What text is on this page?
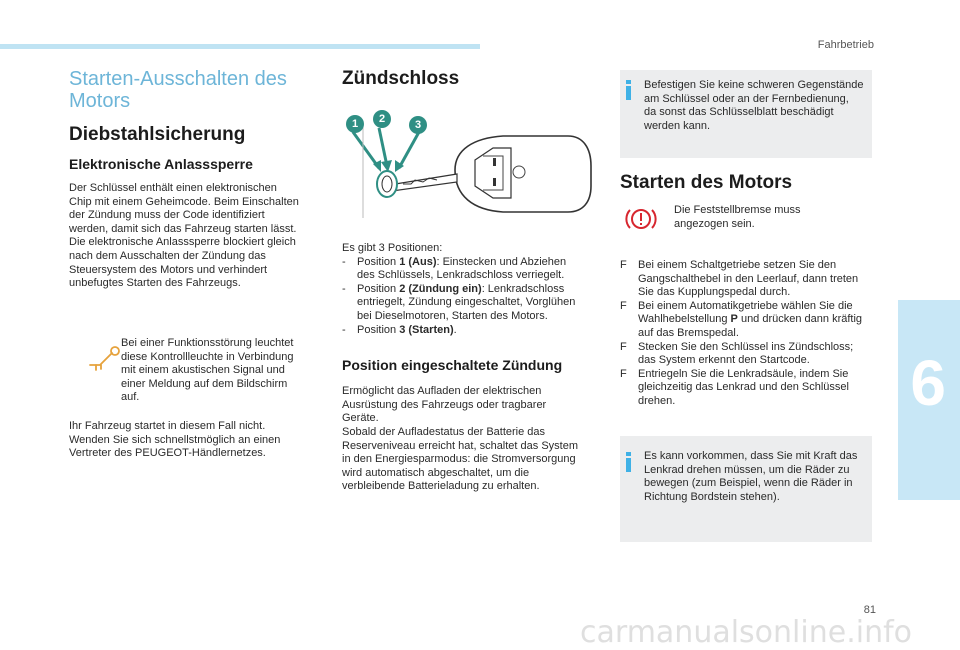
Fahrbetrieb
6
81
carmanualsonline.info
Starten-Ausschalten des
Motors
Diebstahlsicherung
Elektronische Anlasssperre
Der Schlüssel enthält einen elektronischen Chip mit einem Geheimcode. Beim Einschalten der Zündung muss der Code identifiziert werden, damit sich das Fahrzeug starten lässt. Die elektronische Anlasssperre blockiert gleich nach dem Ausschalten der Zündung das Steuersystem des Motors und verhindert unbefugtes Starten des Fahrzeugs.
Bei einer Funktionsstörung leuchtet diese Kontrollleuchte in Verbindung mit einem akustischen Signal und einer Meldung auf dem Bildschirm auf.
Ihr Fahrzeug startet in diesem Fall nicht. Wenden Sie sich schnellstmöglich an einen Vertreter des PEUGEOT-Händlernetzes.
Zündschloss
1	2	3
Es gibt 3 Positionen:
- Position 1 (Aus): Einstecken und Abziehen des Schlüssels, Lenkradschloss verriegelt.
- Position 2 (Zündung ein): Lenkradschloss entriegelt, Zündung eingeschaltet, Vorglühen bei Dieselmotoren, Starten des Motors.
- Position 3 (Starten).
Position eingeschaltete Zündung
Ermöglicht das Aufladen der elektrischen Ausrüstung des Fahrzeugs oder tragbarer Geräte.
Sobald der Aufladestatus der Batterie das Reserveniveau erreicht hat, schaltet das System in den Energiesparmodus: die Stromversorgung wird automatisch abgeschaltet, um die verbleibende Batterieladung zu erhalten.
Befestigen Sie keine schweren Gegenstände am Schlüssel oder an der Fernbedienung, da sonst das Schlüsselblatt beschädigt werden kann.
Starten des Motors
Die Feststellbremse muss angezogen sein.
F Bei einem Schaltgetriebe setzen Sie den Gangschalthebel in den Leerlauf, dann treten Sie das Kupplungspedal durch.
F Bei einem Automatikgetriebe wählen Sie die Wahlhebelstellung P und drücken dann kräftig auf das Bremspedal.
F Stecken Sie den Schlüssel ins Zündschloss; das System erkennt den Startcode.
F Entriegeln Sie die Lenkradsäule, indem Sie gleichzeitig das Lenkrad und den Schlüssel drehen.
Es kann vorkommen, dass Sie mit Kraft das Lenkrad drehen müssen, um die Räder zu bewegen (zum Beispiel, wenn die Räder in Richtung Bordstein stehen).
